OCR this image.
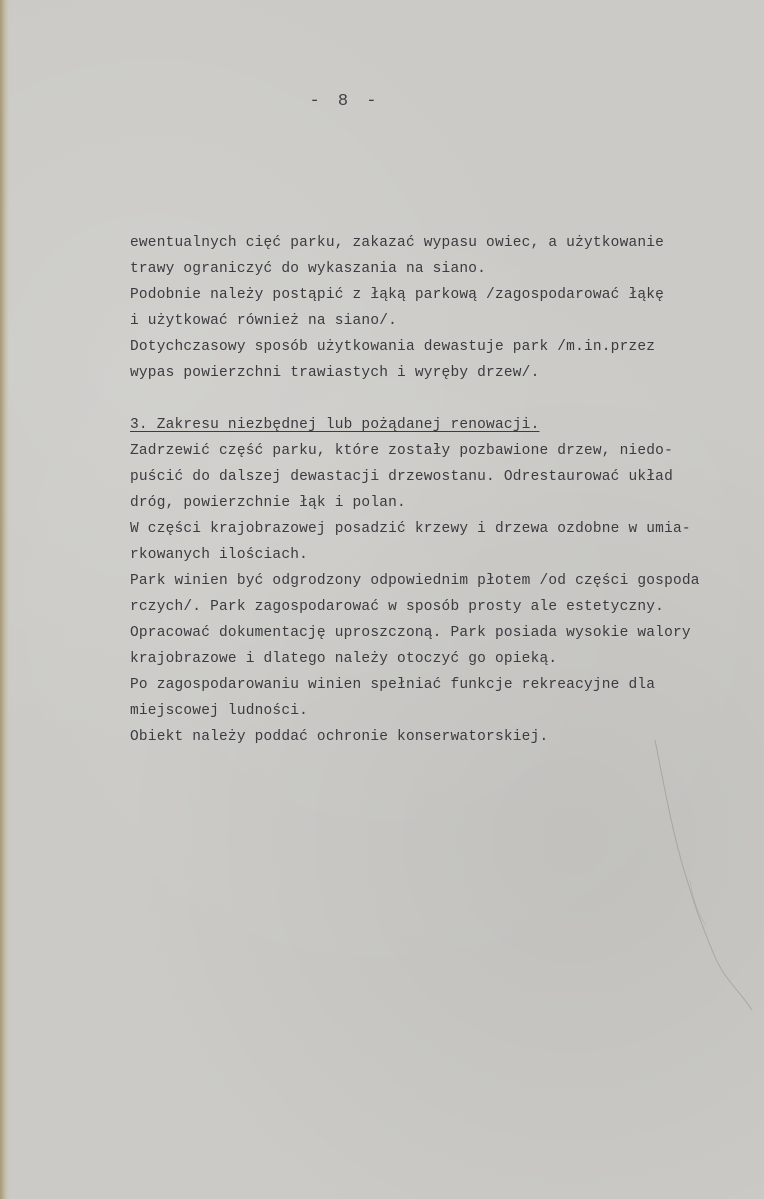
- 8 -
ewentualnych cięć parku, zakazać wypasu owiec, a użytkowanie
trawy ograniczyć do wykaszania na siano.
Podobnie należy postąpić z łąką parkową /zagospodarować łąkę
i użytkować również na siano/.
Dotychczasowy sposób użytkowania dewastuje park /m.in.przez
wypas powierzchni trawiastych i wyręby drzew/.
3. Zakresu niezbędnej lub pożądanej renowacji.
Zadrzewić część parku, które zostały pozbawione drzew, niedo-
puścić do dalszej dewastacji drzewostanu. Odrestaurować układ
dróg, powierzchnie łąk i polan.
W części krajobrazowej posadzić krzewy i drzewa ozdobne w umia-
rkowanych ilościach.
Park winien być odgrodzony odpowiednim płotem /od części gospoda
rczych/. Park zagospodarować w sposób prosty ale estetyczny.
Opracować dokumentację uproszczoną. Park posiada wysokie walory
krajobrazowe i dlatego należy otoczyć go opieką.
Po zagospodarowaniu winien spełniać funkcje rekreacyjne dla
miejscowej ludności.
Obiekt należy poddać ochronie konserwatorskiej.
